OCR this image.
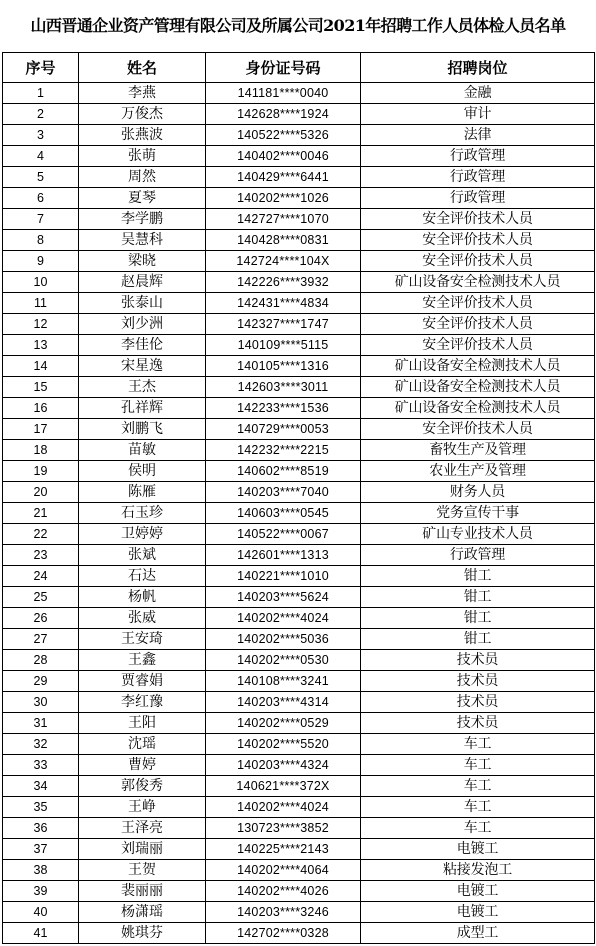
山西晋通企业资产管理有限公司及所属公司2021年招聘工作人员体检人员名单
序号	姓名	身份证号码	招聘岗位
1	李燕	141181****0040	金融
2	万俊杰	142628****1924	审计
3	张燕波	140522****5326	法律
4	张萌	140402****0046	行政管理
5	周然	140429****6441	行政管理
6	夏琴	140202****1026	行政管理
7	李学鹏	142727****1070	安全评价技术人员
8	吴慧科	140428****0831	安全评价技术人员
9	梁晓	142724****104X	安全评价技术人员
10	赵晨辉	142226****3932	矿山设备安全检测技术人员
11	张泰山	142431****4834	安全评价技术人员
12	刘少洲	142327****1747	安全评价技术人员
13	李佳伦	140109****5115	安全评价技术人员
14	宋星逸	140105****1316	矿山设备安全检测技术人员
15	王杰	142603****3011	矿山设备安全检测技术人员
16	孔祥辉	142233****1536	矿山设备安全检测技术人员
17	刘鹏飞	140729****0053	安全评价技术人员
18	苗敏	142232****2215	畜牧生产及管理
19	侯明	140602****8519	农业生产及管理
20	陈雁	140203****7040	财务人员
21	石玉珍	140603****0545	党务宣传干事
22	卫婷婷	140522****0067	矿山专业技术人员
23	张斌	142601****1313	行政管理
24	石达	140221****1010	钳工
25	杨帆	140203****5624	钳工
26	张威	140202****4024	钳工
27	王安琦	140202****5036	钳工
28	王鑫	140202****0530	技术员
29	贾睿娟	140108****3241	技术员
30	李红豫	140203****4314	技术员
31	王阳	140202****0529	技术员
32	沈瑶	140202****5520	车工
33	曹婷	140203****4324	车工
34	郭俊秀	140621****372X	车工
35	王峥	140202****4024	车工
36	王泽亮	130723****3852	车工
37	刘瑞丽	140225****2143	电镀工
38	王贺	140202****4064	粘接发泡工
39	裴丽丽	140202****4026	电镀工
40	杨潇瑶	140203****3246	电镀工
41	姚琪芬	142702****0328	成型工
